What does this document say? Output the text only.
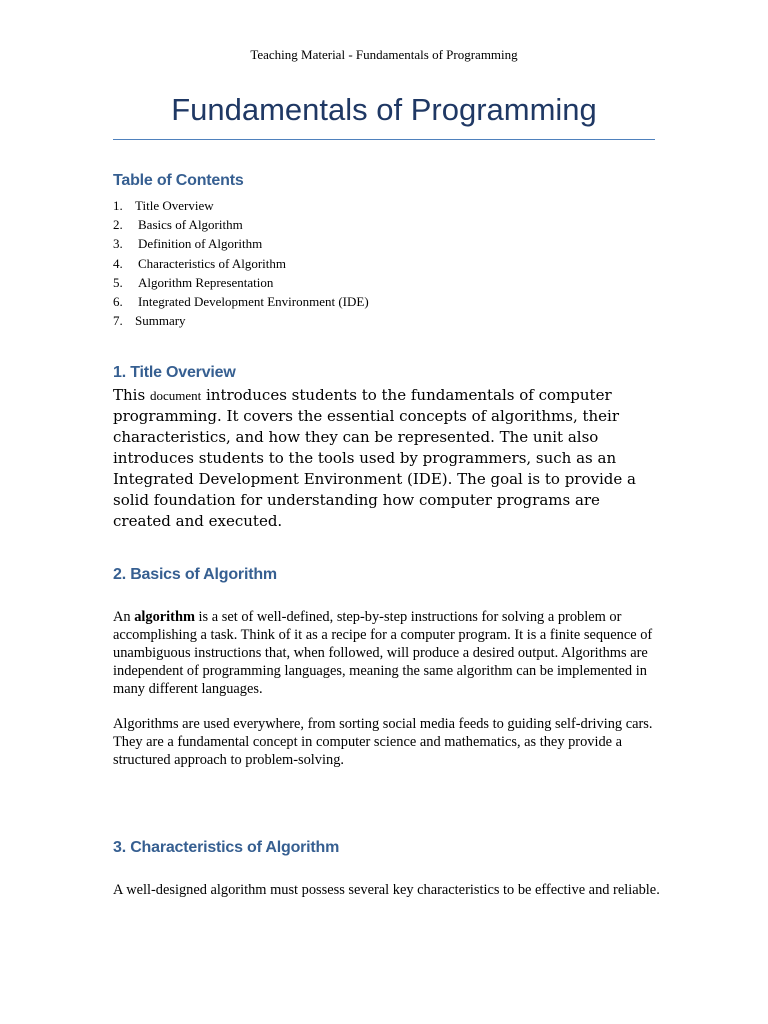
Teaching Material - Fundamentals of Programming
Fundamentals of Programming
Table of Contents
1. Title Overview
2. Basics of Algorithm
3. Definition of Algorithm
4. Characteristics of Algorithm
5. Algorithm Representation
6. Integrated Development Environment (IDE)
7. Summary
1. Title Overview

This document introduces students to the fundamentals of computer programming. It covers the essential concepts of algorithms, their characteristics, and how they can be represented. The unit also introduces students to the tools used by programmers, such as an Integrated Development Environment (IDE). The goal is to provide a solid foundation for understanding how computer programs are created and executed.

2. Basics of Algorithm

An algorithm is a set of well-defined, step-by-step instructions for solving a problem or accomplishing a task. Think of it as a recipe for a computer program. It is a finite sequence of unambiguous instructions that, when followed, will produce a desired output. Algorithms are independent of programming languages, meaning the same algorithm can be implemented in many different languages.

Algorithms are used everywhere, from sorting social media feeds to guiding self-driving cars. They are a fundamental concept in computer science and mathematics, as they provide a structured approach to problem-solving.

3. Characteristics of Algorithm

A well-designed algorithm must possess several key characteristics to be effective and reliable.
